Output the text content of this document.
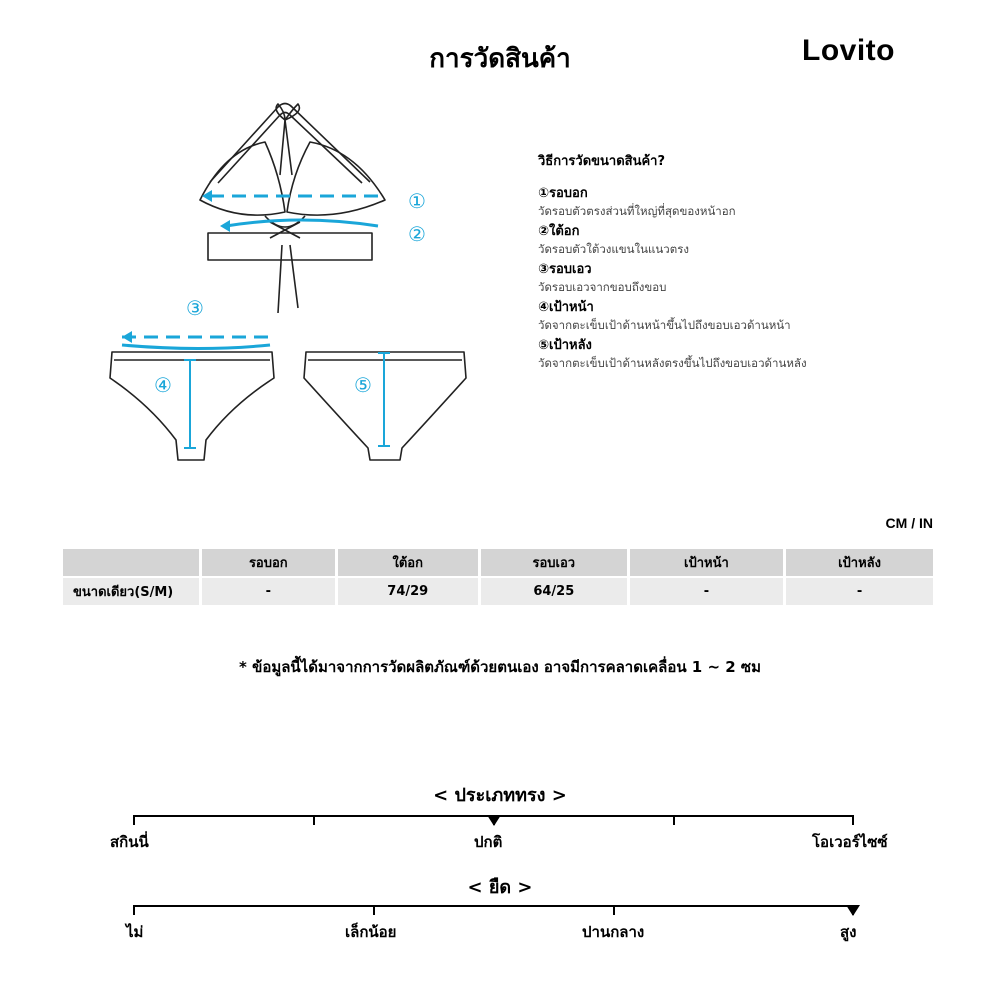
การวัดสินค้า	Lovito
①
②
③
④	⑤
วิธีการวัดขนาดสินค้า?
①รอบอก
วัดรอบตัวตรงส่วนที่ใหญ่ที่สุดของหน้าอก
②ใต้อก
วัดรอบตัวใต้วงแขนในแนวตรง
③รอบเอว
วัดรอบเอวจากขอบถึงขอบ
④เป้าหน้า
วัดจากตะเข็บเป้าด้านหน้าขึ้นไปถึงขอบเอวด้านหน้า
⑤เป้าหลัง
วัดจากตะเข็บเป้าด้านหลังตรงขึ้นไปถึงขอบเอวด้านหลัง
CM / IN
	รอบอก	ใต้อก	รอบเอว	เป้าหน้า	เป้าหลัง
ขนาดเดียว(S/M)	-	74/29	64/25	-	-
* ข้อมูลนี้ได้มาจากการวัดผลิตภัณฑ์ด้วยตนเอง อาจมีการคลาดเคลื่อน 1 ~ 2 ซม
< ประเภททรง >
สกินนี่	ปกติ	โอเวอร์ไซซ์
< ยืด >
ไม่	เล็กน้อย	ปานกลาง	สูง
